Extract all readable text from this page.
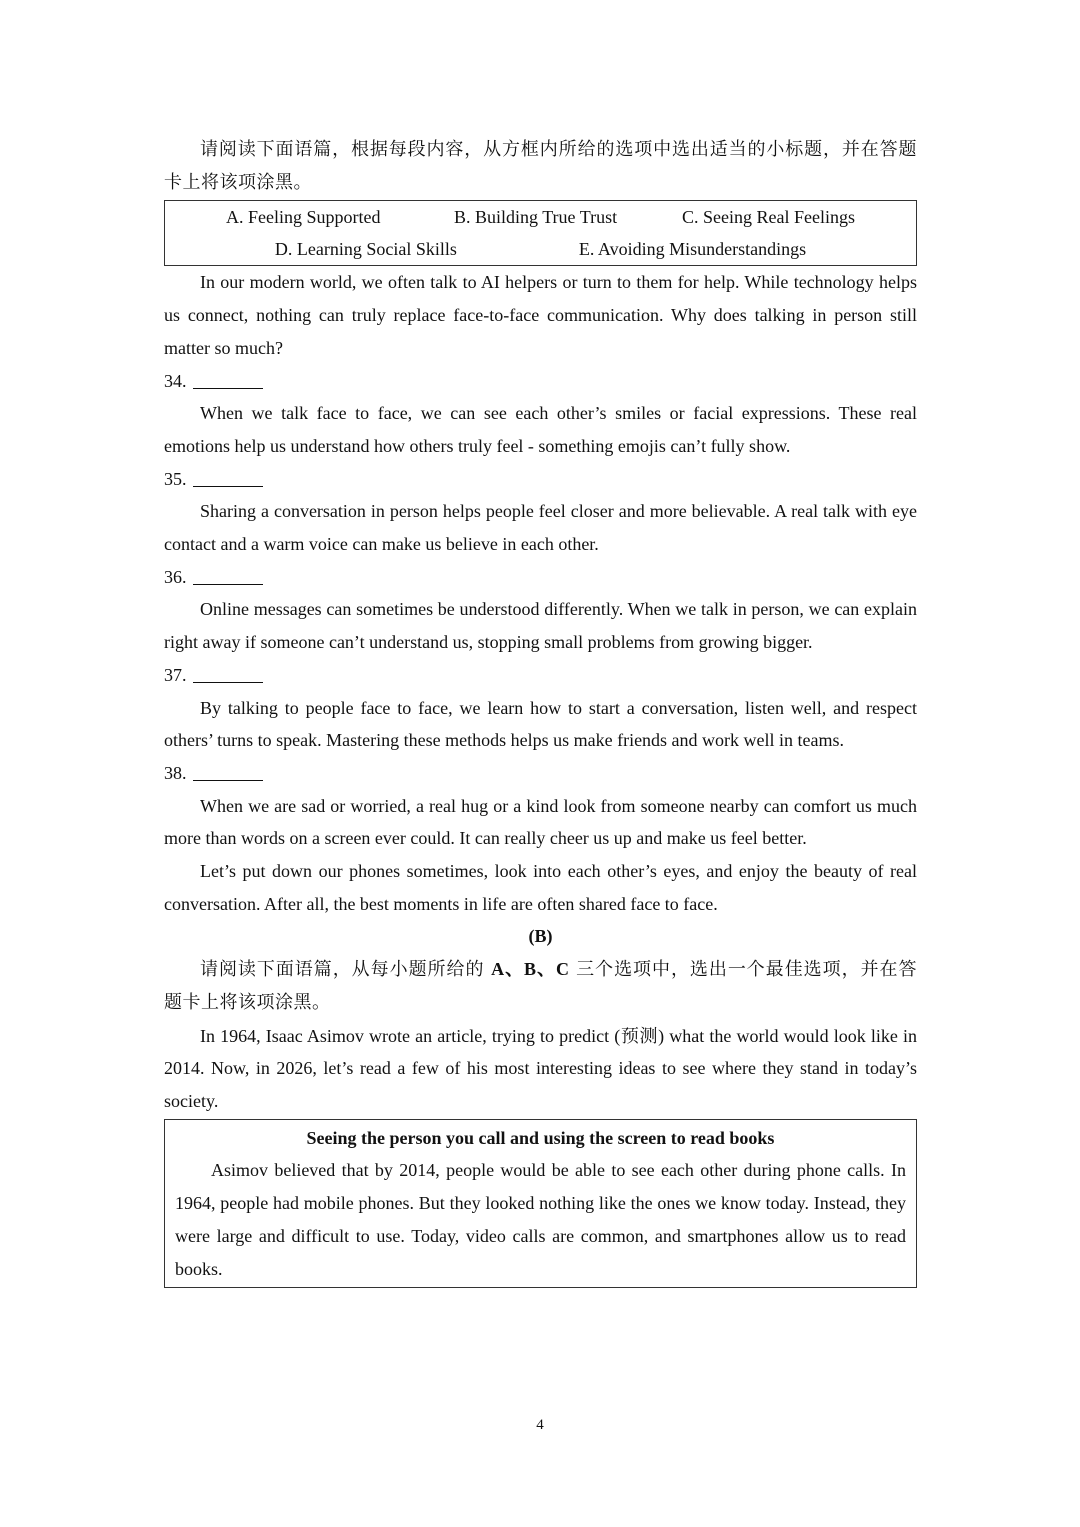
请阅读下面语篇，根据每段内容，从方框内所给的选项中选出适当的小标题，并在答题卡上将该项涂黑。

A. Feeling Supported	B. Building True Trust	C. Seeing Real Feelings
D. Learning Social Skills	E. Avoiding Misunderstandings

In our modern world, we often talk to AI helpers or turn to them for help. While technology helps us connect, nothing can truly replace face-to-face communication. Why does talking in person still matter so much?

34.

When we talk face to face, we can see each other’s smiles or facial expressions. These real emotions help us understand how others truly feel - something emojis can’t fully show.

35.

Sharing a conversation in person helps people feel closer and more believable. A real talk with eye contact and a warm voice can make us believe in each other.

36.

Online messages can sometimes be understood differently. When we talk in person, we can explain right away if someone can’t understand us, stopping small problems from growing bigger.

37.

By talking to people face to face, we learn how to start a conversation, listen well, and respect others’ turns to speak. Mastering these methods helps us make friends and work well in teams.

38.

When we are sad or worried, a real hug or a kind look from someone nearby can comfort us much more than words on a screen ever could. It can really cheer us up and make us feel better.

Let’s put down our phones sometimes, look into each other’s eyes, and enjoy the beauty of real conversation. After all, the best moments in life are often shared face to face.

(B)

请阅读下面语篇，从每小题所给的 A、B、C 三个选项中，选出一个最佳选项，并在答题卡上将该项涂黑。

In 1964, Isaac Asimov wrote an article, trying to predict (预测) what the world would look like in 2014. Now, in 2026, let’s read a few of his most interesting ideas to see where they stand in today’s society.

Seeing the person you call and using the screen to read books

Asimov believed that by 2014, people would be able to see each other during phone calls. In 1964, people had mobile phones. But they looked nothing like the ones we know today. Instead, they were large and difficult to use. Today, video calls are common, and smartphones allow us to read books.

4
